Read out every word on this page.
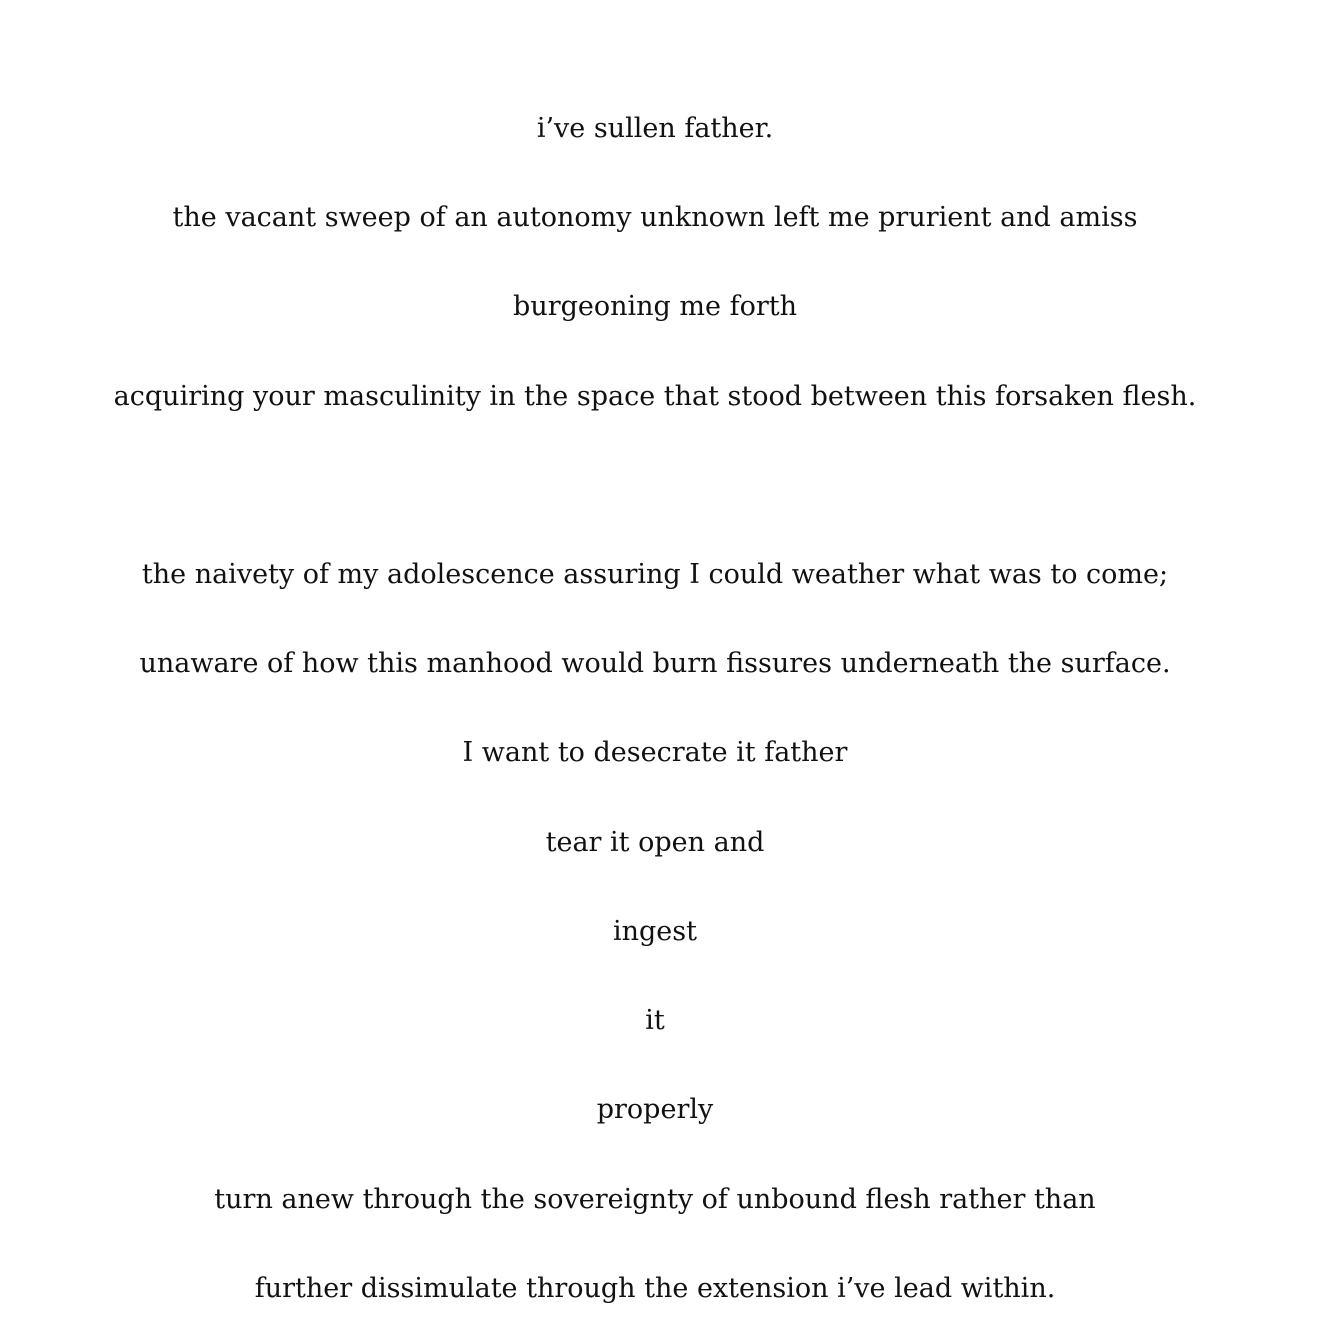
i’ve sullen father.

the vacant sweep of an autonomy unknown left me prurient and amiss

burgeoning me forth

acquiring your masculinity in the space that stood between this forsaken flesh.

the naivety of my adolescence assuring I could weather what was to come;

unaware of how this manhood would burn fissures underneath the surface.

I want to desecrate it father

tear it open and

ingest

it

properly

turn anew through the sovereignty of unbound flesh rather than

further dissimulate through the extension i’ve lead within.
